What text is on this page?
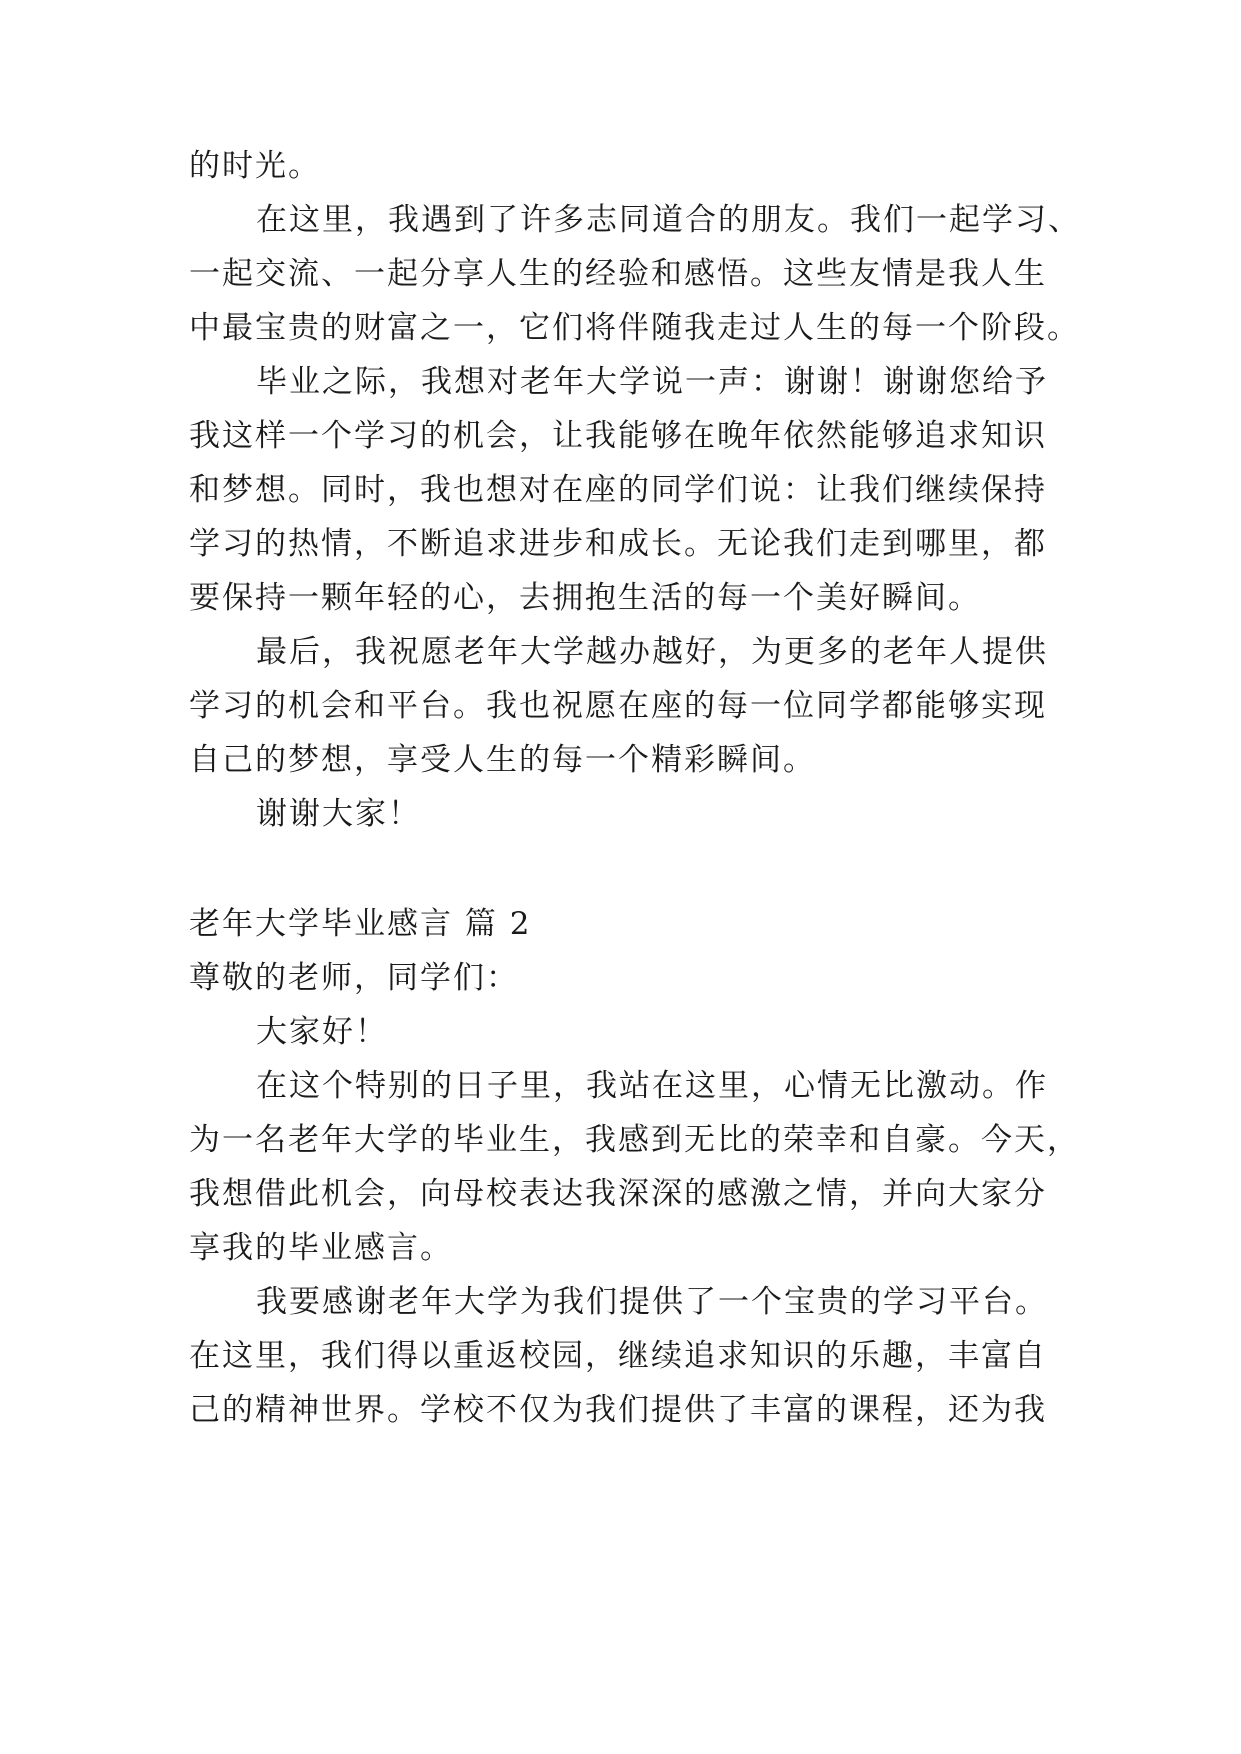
的时光。
在这里，我遇到了许多志同道合的朋友。我们一起学习、
一起交流、一起分享人生的经验和感悟。这些友情是我人生
中最宝贵的财富之一，它们将伴随我走过人生的每一个阶段。
毕业之际，我想对老年大学说一声：谢谢！谢谢您给予
我这样一个学习的机会，让我能够在晚年依然能够追求知识
和梦想。同时，我也想对在座的同学们说：让我们继续保持
学习的热情，不断追求进步和成长。无论我们走到哪里，都
要保持一颗年轻的心，去拥抱生活的每一个美好瞬间。
最后，我祝愿老年大学越办越好，为更多的老年人提供
学习的机会和平台。我也祝愿在座的每一位同学都能够实现
自己的梦想，享受人生的每一个精彩瞬间。
谢谢大家！
老年大学毕业感言 篇 2
尊敬的老师，同学们：
大家好！
在这个特别的日子里，我站在这里，心情无比激动。作
为一名老年大学的毕业生，我感到无比的荣幸和自豪。今天，
我想借此机会，向母校表达我深深的感激之情，并向大家分
享我的毕业感言。
我要感谢老年大学为我们提供了一个宝贵的学习平台。
在这里，我们得以重返校园，继续追求知识的乐趣，丰富自
己的精神世界。学校不仅为我们提供了丰富的课程，还为我
